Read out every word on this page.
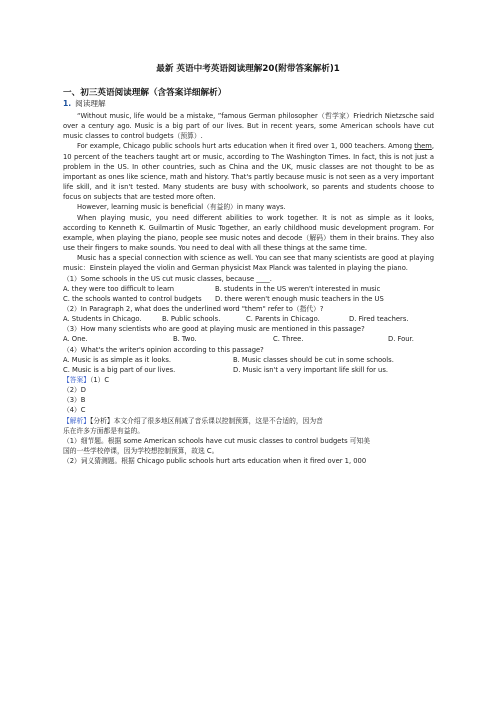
最新 英语中考英语阅读理解20(附带答案解析)1
一、初三英语阅读理解（含答案详细解析）
1. 阅读理解

“Without music, life would be a mistake, ”famous German philosopher（哲学家）Friedrich Nietzsche said over a century ago. Music is a big part of our lives. But in recent years, some American schools have cut music classes to control budgets（预算）.

For example, Chicago public schools hurt arts education when it fired over 1, 000 teachers. Among them, 10 percent of the teachers taught art or music, according to The Washington Times. In fact, this is not just a problem in the US. In other countries, such as China and the UK, music classes are not thought to be as important as ones like science, math and history. That's partly because music is not seen as a very important life skill, and it isn't tested. Many students are busy with schoolwork, so parents and students choose to focus on subjects that are tested more often.

However, learning music is beneficial（有益的）in many ways.

When playing music, you need different abilities to work together. It is not as simple as it looks, according to Kenneth K. Guilmartin of Music Together, an early childhood music development program. For example, when playing the piano, people see music notes and decode（解码）them in their brains. They also use their fingers to make sounds. You need to deal with all these things at the same time.

Music has a special connection with science as well. You can see that many scientists are good at playing music：Einstein played the violin and German physicist Max Planck was talented in playing the piano.

（1）Some schools in the US cut music classes, because ____.
A. they were too difficult to learn	B. students in the US weren't interested in music
C. the schools wanted to control budgets D. there weren't enough music teachers in the US
（2）In Paragraph 2, what does the underlined word "them" refer to（指代）?
A. Students in Chicago.	B. Public schools.	C. Parents in Chicago.	D. Fired teachers.
（3）How many scientists who are good at playing music are mentioned in this passage?
A. One.	B. Two.	C. Three.	D. Four.
（4）What's the writer's opinion according to this passage?
A. Music is as simple as it looks.	B. Music classes should be cut in some schools.
C. Music is a big part of our lives.	D. Music isn't a very important life skill for us.
【答案】（1）C
（2）D
（3）B
（4）C
【解析】【分析】本文介绍了很多地区削减了音乐课以控制预算，这是不合适的，因为音
乐在许多方面都是有益的。
（1）细节题。根据 some American schools have cut music classes to control budgets 可知美
国的一些学校停课，因为学校想控制预算，故选 C。
（2）词义猜测题。根据 Chicago public schools hurt arts education when it fired over 1, 000
